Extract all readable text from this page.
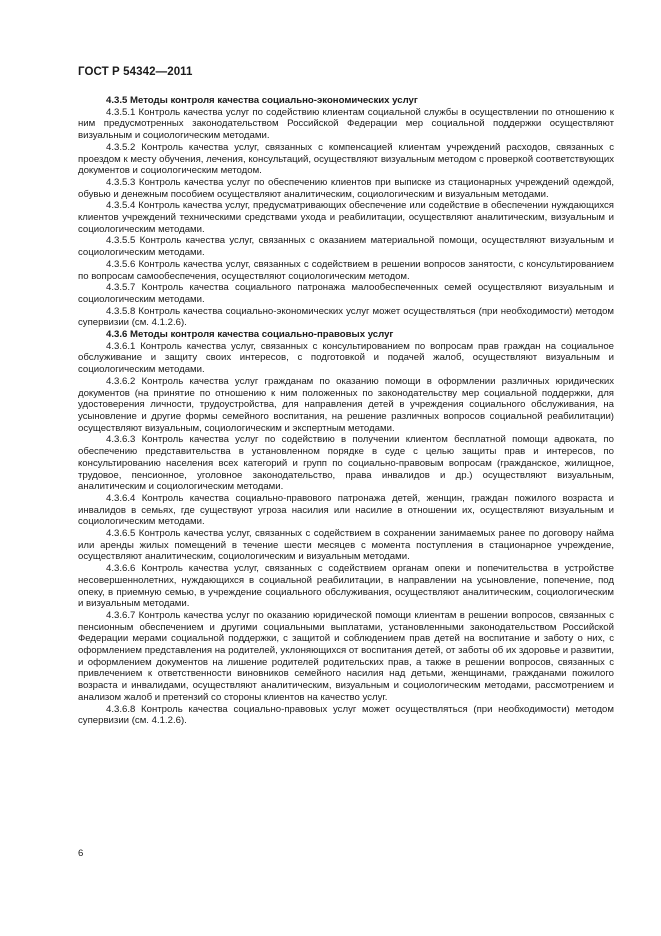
ГОСТ Р 54342—2011

4.3.5 Методы контроля качества социально-экономических услуг

4.3.5.1 Контроль качества услуг по содействию клиентам социальной службы в осуществлении по отношению к ним предусмотренных законодательством Российской Федерации мер социальной поддержки осуществляют визуальным и социологическим методами.

4.3.5.2 Контроль качества услуг, связанных с компенсацией клиентам учреждений расходов, связанных с проездом к месту обучения, лечения, консультаций, осуществляют визуальным методом с проверкой соответствующих документов и социологическим методом.

4.3.5.3 Контроль качества услуг по обеспечению клиентов при выписке из стационарных учреждений одеждой, обувью и денежным пособием осуществляют аналитическим, социологическим и визуальным методами.

4.3.5.4 Контроль качества услуг, предусматривающих обеспечение или содействие в обеспечении нуждающихся клиентов учреждений техническими средствами ухода и реабилитации, осуществляют аналитическим, визуальным и социологическим методами.

4.3.5.5 Контроль качества услуг, связанных с оказанием материальной помощи, осуществляют визуальным и социологическим методами.

4.3.5.6 Контроль качества услуг, связанных с содействием в решении вопросов занятости, с консультированием по вопросам самообеспечения, осуществляют социологическим методом.

4.3.5.7 Контроль качества социального патронажа малообеспеченных семей осуществляют визуальным и социологическим методами.

4.3.5.8 Контроль качества социально-экономических услуг может осуществляться (при необходимости) методом супервизии (см. 4.1.2.6).

4.3.6 Методы контроля качества социально-правовых услуг

4.3.6.1 Контроль качества услуг, связанных с консультированием по вопросам прав граждан на социальное обслуживание и защиту своих интересов, с подготовкой и подачей жалоб, осуществляют визуальным и социологическим методами.

4.3.6.2 Контроль качества услуг гражданам по оказанию помощи в оформлении различных юридических документов (на принятие по отношению к ним положенных по законодательству мер социальной поддержки, для удостоверения личности, трудоустройства, для направления детей в учреждения социального обслуживания, на усыновление и другие формы семейного воспитания, на решение различных вопросов социальной реабилитации) осуществляют визуальным, социологическим и экспертным методами.

4.3.6.3 Контроль качества услуг по содействию в получении клиентом бесплатной помощи адвоката, по обеспечению представительства в установленном порядке в суде с целью защиты прав и интересов, по консультированию населения всех категорий и групп по социально-правовым вопросам (гражданское, жилищное, трудовое, пенсионное, уголовное законодательство, права инвалидов и др.) осуществляют визуальным, аналитическим и социологическим методами.

4.3.6.4 Контроль качества социально-правового патронажа детей, женщин, граждан пожилого возраста и инвалидов в семьях, где существуют угроза насилия или насилие в отношении их, осуществляют визуальным и социологическим методами.

4.3.6.5 Контроль качества услуг, связанных с содействием в сохранении занимаемых ранее по договору найма или аренды жилых помещений в течение шести месяцев с момента поступления в стационарное учреждение, осуществляют аналитическим, социологическим и визуальным методами.

4.3.6.6 Контроль качества услуг, связанных с содействием органам опеки и попечительства в устройстве несовершеннолетних, нуждающихся в социальной реабилитации, в направлении на усыновление, попечение, под опеку, в приемную семью, в учреждение социального обслуживания, осуществляют аналитическим, социологическим и визуальным методами.

4.3.6.7 Контроль качества услуг по оказанию юридической помощи клиентам в решении вопросов, связанных с пенсионным обеспечением и другими социальными выплатами, установленными законодательством Российской Федерации мерами социальной поддержки, с защитой и соблюдением прав детей на воспитание и заботу о них, с оформлением представления на родителей, уклоняющихся от воспитания детей, от заботы об их здоровье и развитии, и оформлением документов на лишение родителей родительских прав, а также в решении вопросов, связанных с привлечением к ответственности виновников семейного насилия над детьми, женщинами, гражданами пожилого возраста и инвалидами, осуществляют аналитическим, визуальным и социологическим методами, рассмотрением и анализом жалоб и претензий со стороны клиентов на качество услуг.

4.3.6.8 Контроль качества социально-правовых услуг может осуществляться (при необходимости) методом супервизии (см. 4.1.2.6).

6
